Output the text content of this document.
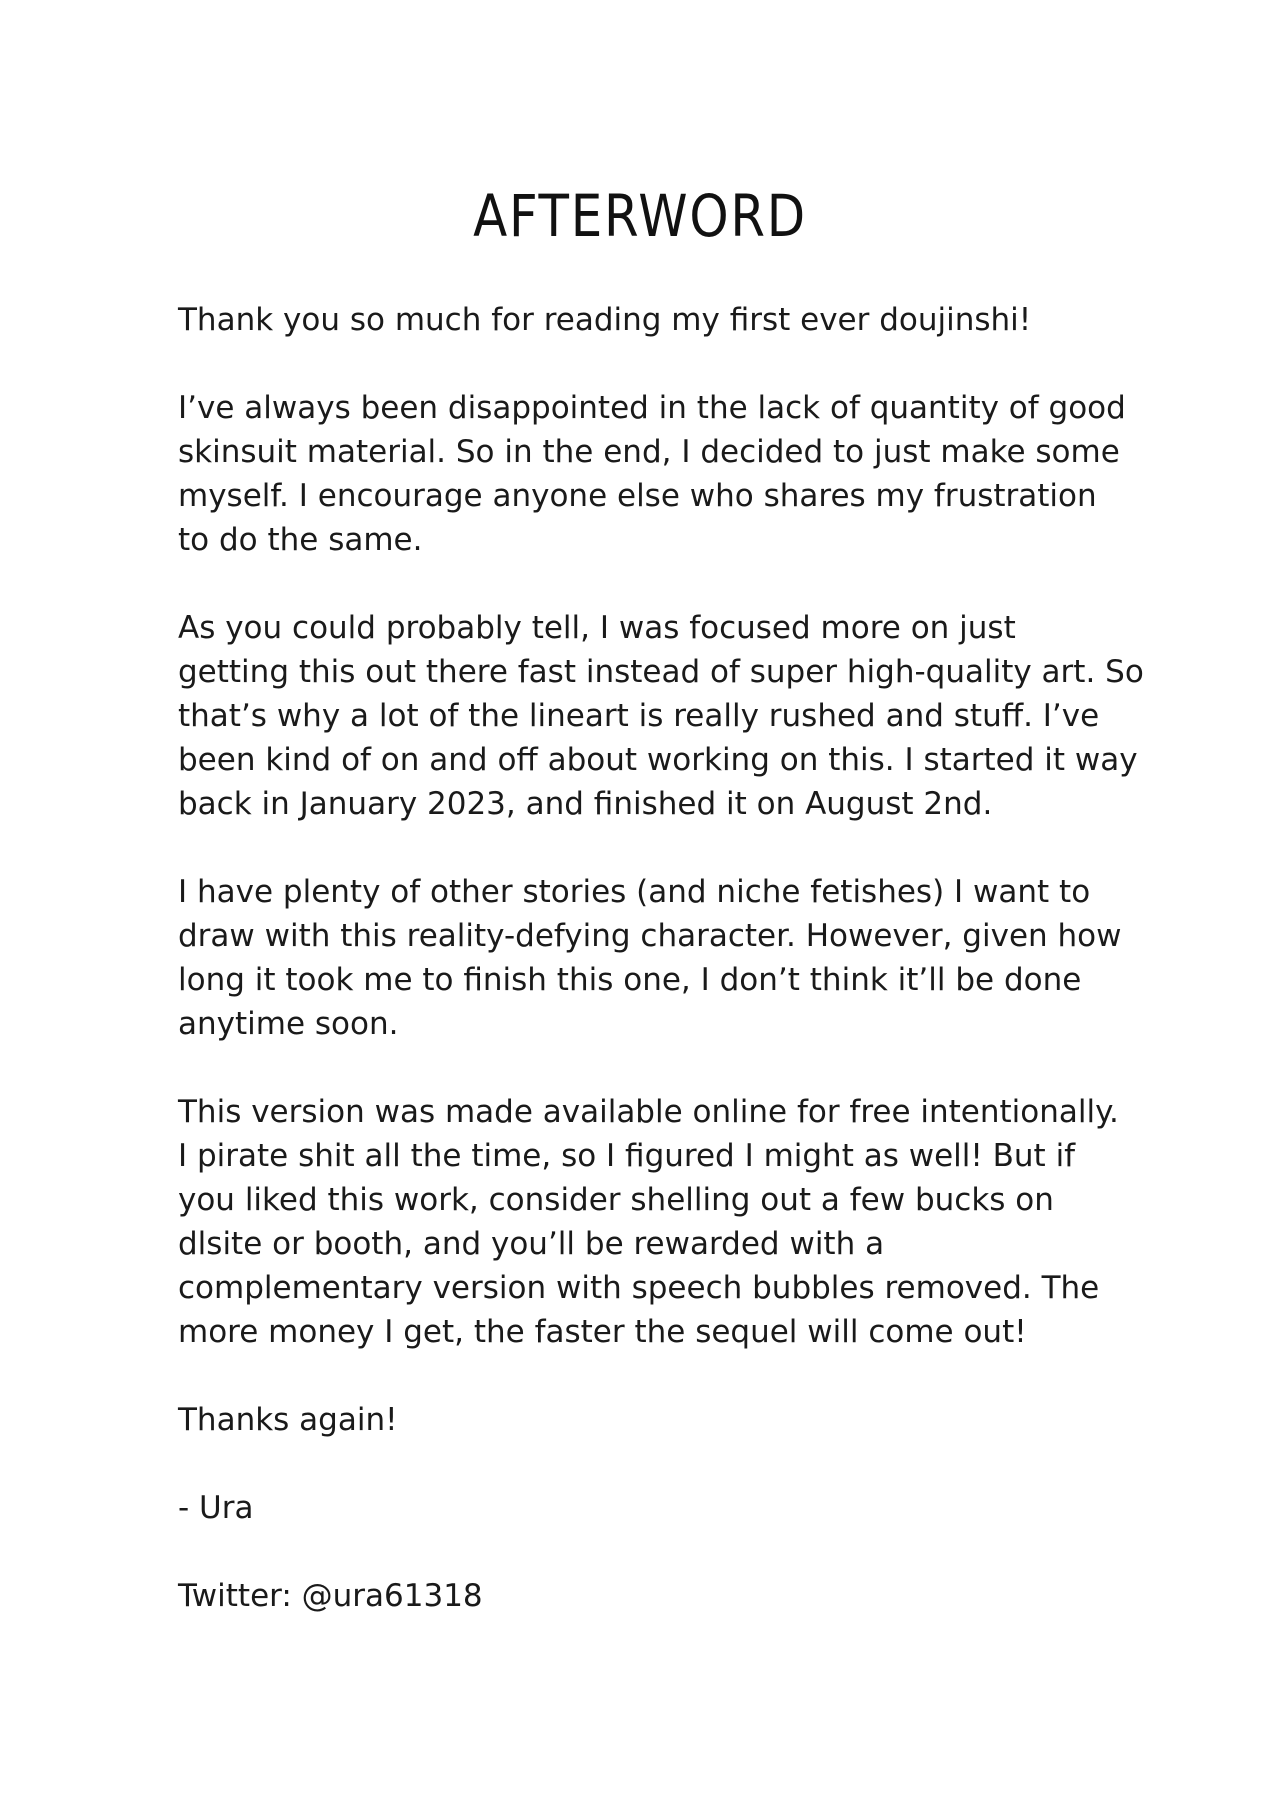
AFTERWORD

Thank you so much for reading my first ever doujinshi!

I’ve always been disappointed in the lack of quantity of good
skinsuit material. So in the end, I decided to just make some
myself. I encourage anyone else who shares my frustration
to do the same.

As you could probably tell, I was focused more on just
getting this out there fast instead of super high-quality art. So
that’s why a lot of the lineart is really rushed and stuff. I’ve
been kind of on and off about working on this. I started it way
back in January 2023, and finished it on August 2nd.

I have plenty of other stories (and niche fetishes) I want to
draw with this reality-defying character. However, given how
long it took me to finish this one, I don’t think it’ll be done
anytime soon.

This version was made available online for free intentionally.
I pirate shit all the time, so I figured I might as well! But if
you liked this work, consider shelling out a few bucks on
dlsite or booth, and you’ll be rewarded with a
complementary version with speech bubbles removed. The
more money I get, the faster the sequel will come out!

Thanks again!

- Ura

Twitter: @ura61318
